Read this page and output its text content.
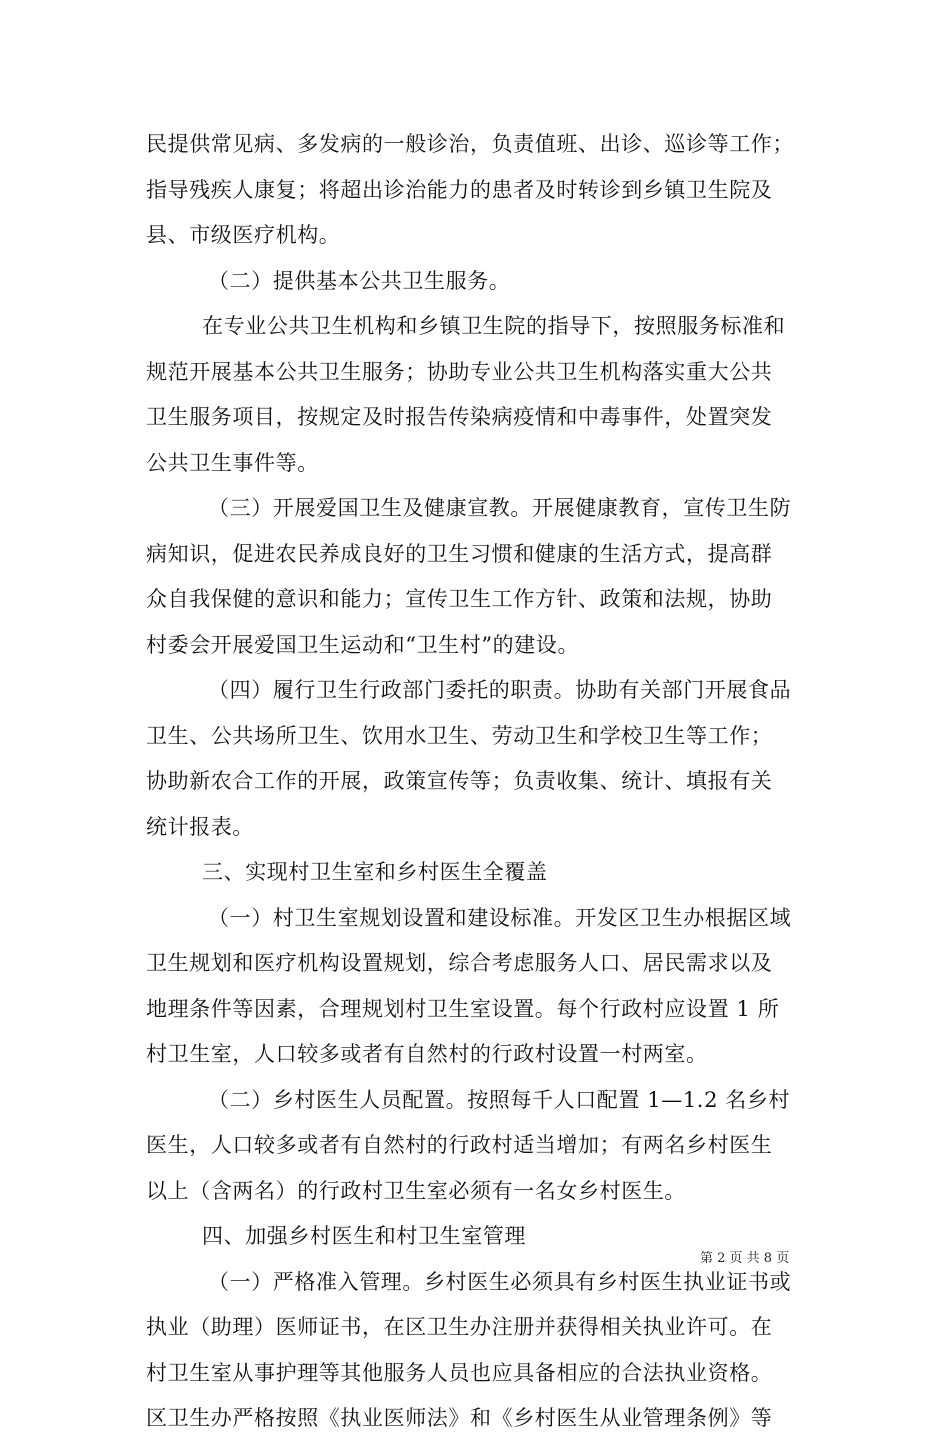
民提供常见病、多发病的一般诊治，负责值班、出诊、巡诊等工作；
指导残疾人康复；将超出诊治能力的患者及时转诊到乡镇卫生院及
县、市级医疗机构。
（二）提供基本公共卫生服务。
在专业公共卫生机构和乡镇卫生院的指导下，按照服务标准和
规范开展基本公共卫生服务；协助专业公共卫生机构落实重大公共
卫生服务项目，按规定及时报告传染病疫情和中毒事件，处置突发
公共卫生事件等。
（三）开展爱国卫生及健康宣教。开展健康教育，宣传卫生防
病知识，促进农民养成良好的卫生习惯和健康的生活方式，提高群
众自我保健的意识和能力；宣传卫生工作方针、政策和法规，协助
村委会开展爱国卫生运动和“卫生村”的建设。
（四）履行卫生行政部门委托的职责。协助有关部门开展食品
卫生、公共场所卫生、饮用水卫生、劳动卫生和学校卫生等工作；
协助新农合工作的开展，政策宣传等；负责收集、统计、填报有关
统计报表。
三、实现村卫生室和乡村医生全覆盖
（一）村卫生室规划设置和建设标准。开发区卫生办根据区域
卫生规划和医疗机构设置规划，综合考虑服务人口、居民需求以及
地理条件等因素，合理规划村卫生室设置。每个行政村应设置 1 所
村卫生室，人口较多或者有自然村的行政村设置一村两室。
（二）乡村医生人员配置。按照每千人口配置 1—1.2 名乡村
医生，人口较多或者有自然村的行政村适当增加；有两名乡村医生
以上（含两名）的行政村卫生室必须有一名女乡村医生。
四、加强乡村医生和村卫生室管理
（一）严格准入管理。乡村医生必须具有乡村医生执业证书或
执业（助理）医师证书，在区卫生办注册并获得相关执业许可。在
村卫生室从事护理等其他服务人员也应具备相应的合法执业资格。
区卫生办严格按照《执业医师法》和《乡村医生从业管理条例》等
第 2 页 共 8 页
